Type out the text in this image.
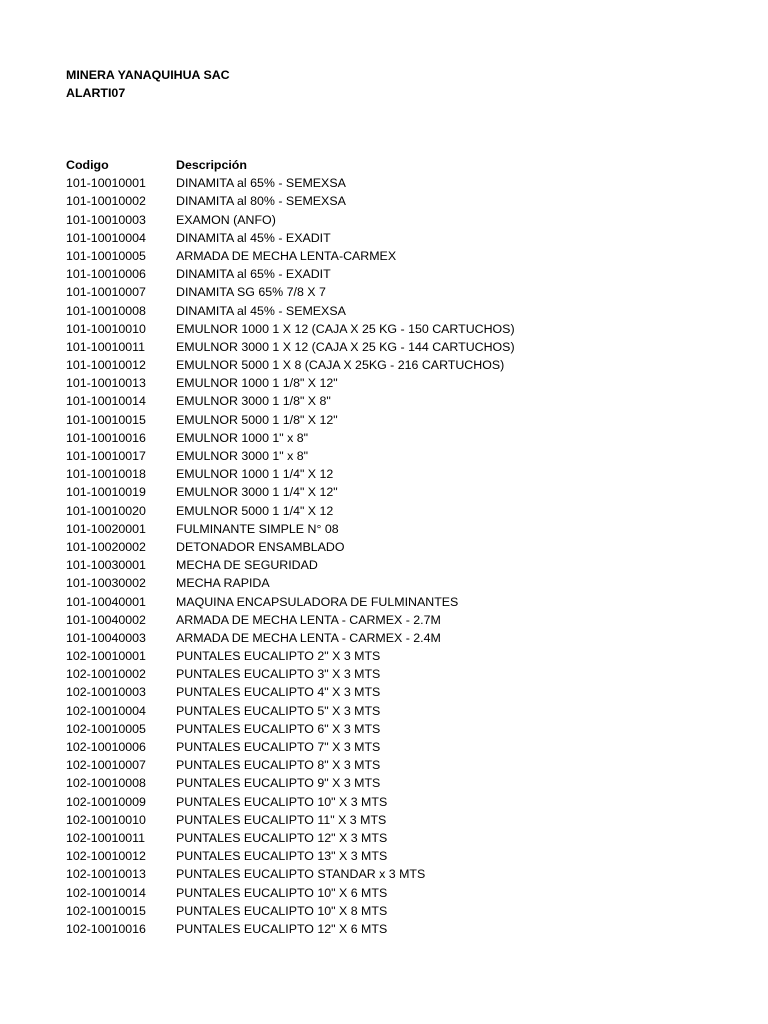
MINERA YANAQUIHUA SAC
ALARTI07
Codigo	Descripción
101-10010001	DINAMITA al 65% - SEMEXSA
101-10010002	DINAMITA al 80% - SEMEXSA
101-10010003	EXAMON (ANFO)
101-10010004	DINAMITA al 45% - EXADIT
101-10010005	ARMADA DE MECHA LENTA-CARMEX
101-10010006	DINAMITA al 65% - EXADIT
101-10010007	DINAMITA SG 65% 7/8 X 7
101-10010008	DINAMITA al 45% - SEMEXSA
101-10010010	EMULNOR 1000 1 X 12 (CAJA X 25 KG - 150 CARTUCHOS)
101-10010011	EMULNOR 3000 1 X 12 (CAJA X 25 KG - 144 CARTUCHOS)
101-10010012	EMULNOR 5000 1 X 8 (CAJA X 25KG - 216 CARTUCHOS)
101-10010013	EMULNOR 1000 1 1/8" X 12"
101-10010014	EMULNOR 3000 1 1/8" X 8"
101-10010015	EMULNOR 5000 1 1/8" X 12"
101-10010016	EMULNOR 1000 1" x 8"
101-10010017	EMULNOR 3000 1" x 8"
101-10010018	EMULNOR 1000 1 1/4" X 12
101-10010019	EMULNOR 3000 1 1/4" X 12"
101-10010020	EMULNOR 5000 1 1/4" X 12
101-10020001	FULMINANTE SIMPLE N° 08
101-10020002	DETONADOR ENSAMBLADO
101-10030001	MECHA DE SEGURIDAD
101-10030002	MECHA RAPIDA
101-10040001	MAQUINA ENCAPSULADORA DE FULMINANTES
101-10040002	ARMADA DE MECHA LENTA - CARMEX - 2.7M
101-10040003	ARMADA DE MECHA LENTA - CARMEX - 2.4M
102-10010001	PUNTALES EUCALIPTO 2" X 3 MTS
102-10010002	PUNTALES EUCALIPTO 3" X 3 MTS
102-10010003	PUNTALES EUCALIPTO 4" X 3 MTS
102-10010004	PUNTALES EUCALIPTO 5" X 3 MTS
102-10010005	PUNTALES EUCALIPTO 6" X 3 MTS
102-10010006	PUNTALES EUCALIPTO 7" X 3 MTS
102-10010007	PUNTALES EUCALIPTO 8" X 3 MTS
102-10010008	PUNTALES EUCALIPTO 9" X 3 MTS
102-10010009	PUNTALES EUCALIPTO 10" X 3 MTS
102-10010010	PUNTALES EUCALIPTO 11" X 3 MTS
102-10010011	PUNTALES EUCALIPTO 12" X 3 MTS
102-10010012	PUNTALES EUCALIPTO 13" X 3 MTS
102-10010013	PUNTALES EUCALIPTO STANDAR x 3 MTS
102-10010014	PUNTALES EUCALIPTO 10" X 6 MTS
102-10010015	PUNTALES EUCALIPTO 10" X 8 MTS
102-10010016	PUNTALES EUCALIPTO 12" X 6 MTS
